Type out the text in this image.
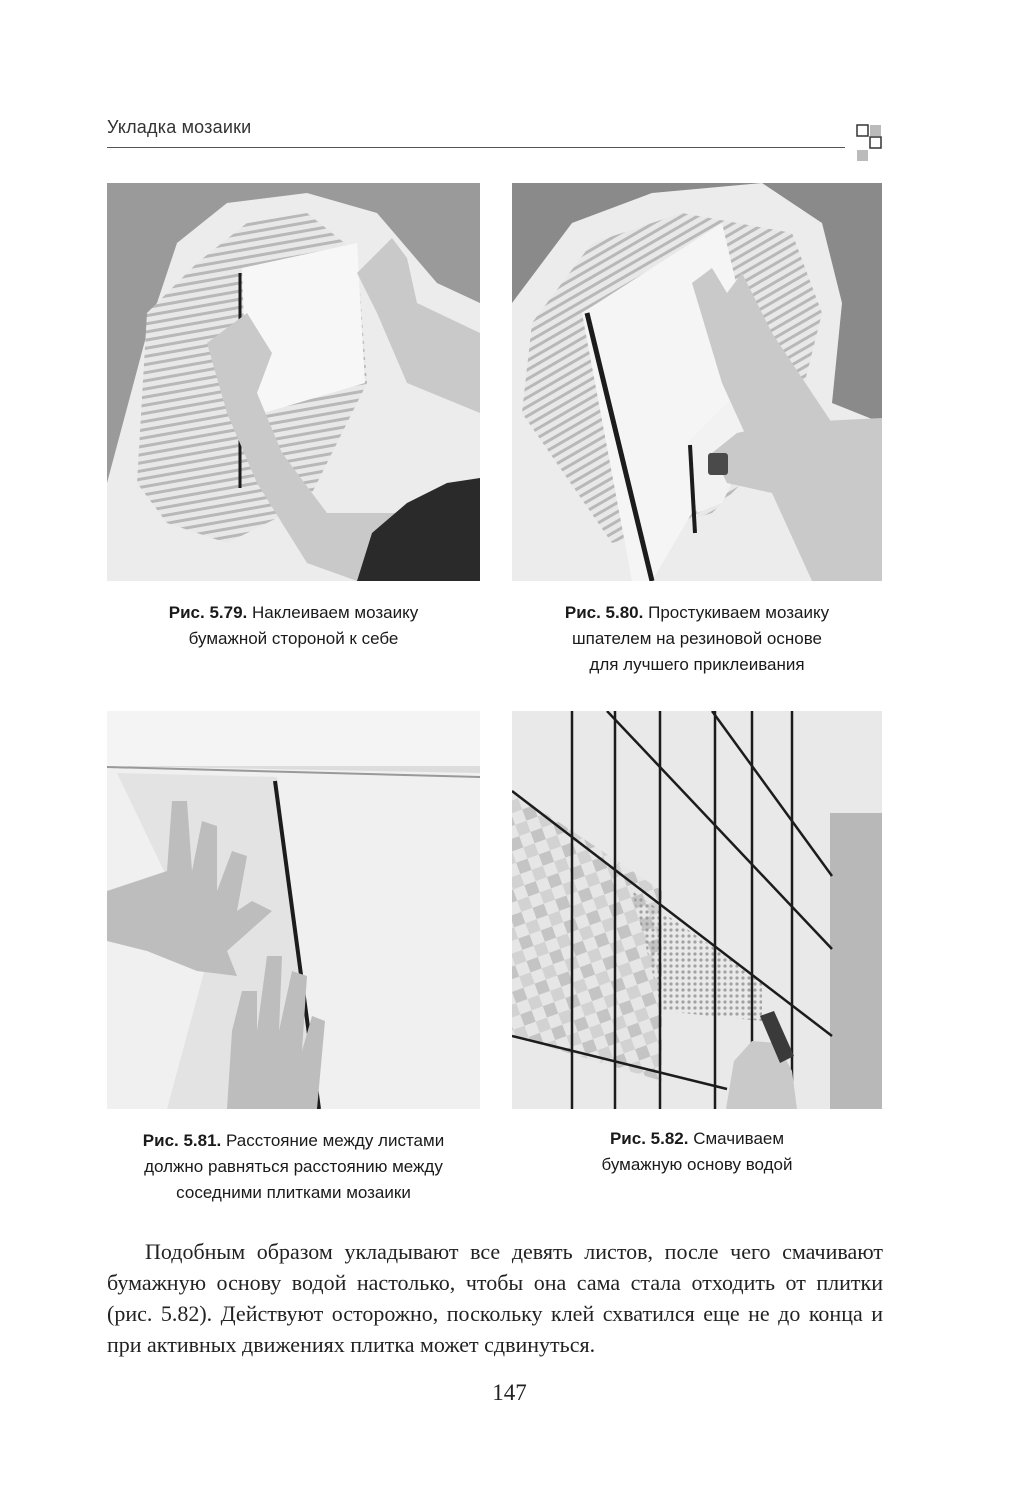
Укладка мозаики
Рис. 5.79. Наклеиваем мозаику
бумажной стороной к себе
Рис. 5.80. Простукиваем мозаику
шпателем на резиновой основе
для лучшего приклеивания
Рис. 5.81. Расстояние между листами
должно равняться расстоянию между
соседними плитками мозаики
Рис. 5.82. Смачиваем
бумажную основу водой

Подобным образом укладывают все девять листов, после чего смачивают бумажную основу водой настолько, чтобы она сама стала отходить от плитки (рис. 5.82). Действуют осторожно, поскольку клей схватился еще не до конца и при активных движениях плитка может сдвинуться.

147
